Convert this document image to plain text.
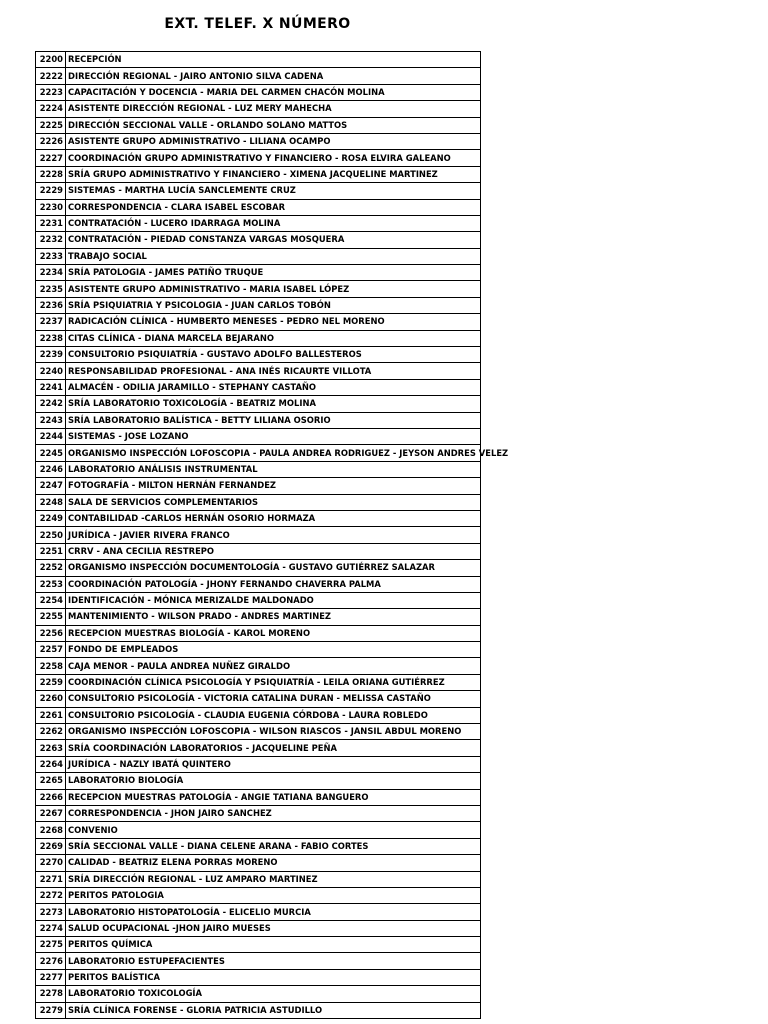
EXT. TELEF. X NÚMERO
2200	RECEPCIÓN
2222	DIRECCIÓN REGIONAL - JAIRO ANTONIO SILVA CADENA
2223	CAPACITACIÓN Y DOCENCIA - MARIA DEL CARMEN CHACÓN MOLINA
2224	ASISTENTE DIRECCIÓN REGIONAL - LUZ MERY MAHECHA
2225	DIRECCIÓN SECCIONAL VALLE - ORLANDO SOLANO MATTOS
2226	ASISTENTE GRUPO ADMINISTRATIVO - LILIANA OCAMPO
2227	COORDINACIÓN GRUPO ADMINISTRATIVO Y FINANCIERO - ROSA ELVIRA GALEANO
2228	SRÍA GRUPO ADMINISTRATIVO Y FINANCIERO - XIMENA JACQUELINE MARTINEZ
2229	SISTEMAS - MARTHA LUCÍA SANCLEMENTE CRUZ
2230	CORRESPONDENCIA - CLARA ISABEL ESCOBAR
2231	CONTRATACIÓN - LUCERO IDARRAGA MOLINA
2232	CONTRATACIÓN - PIEDAD CONSTANZA VARGAS MOSQUERA
2233	TRABAJO SOCIAL
2234	SRÍA PATOLOGIA - JAMES PATIÑO TRUQUE
2235	ASISTENTE GRUPO ADMINISTRATIVO - MARIA ISABEL LÓPEZ
2236	SRÍA PSIQUIATRIA Y PSICOLOGIA - JUAN CARLOS TOBÓN
2237	RADICACIÓN CLÍNICA - HUMBERTO MENESES - PEDRO NEL MORENO
2238	CITAS CLÍNICA - DIANA MARCELA BEJARANO
2239	CONSULTORIO PSIQUIATRÍA - GUSTAVO ADOLFO BALLESTEROS
2240	RESPONSABILIDAD PROFESIONAL - ANA INÉS RICAURTE VILLOTA
2241	ALMACÉN - ODILIA JARAMILLO - STEPHANY CASTAÑO
2242	SRÍA LABORATORIO TOXICOLOGÍA - BEATRIZ MOLINA
2243	SRÍA LABORATORIO BALÍSTICA - BETTY LILIANA OSORIO
2244	SISTEMAS - JOSE LOZANO
2245	ORGANISMO INSPECCIÓN LOFOSCOPIA - PAULA ANDREA RODRIGUEZ - JEYSON ANDRES VELEZ
2246	LABORATORIO ANÁLISIS INSTRUMENTAL
2247	FOTOGRAFÍA - MILTON HERNÁN FERNANDEZ
2248	SALA DE SERVICIOS COMPLEMENTARIOS
2249	CONTABILIDAD -CARLOS HERNÁN OSORIO HORMAZA
2250	JURÍDICA - JAVIER RIVERA FRANCO
2251	CRRV - ANA CECILIA RESTREPO
2252	ORGANISMO INSPECCIÓN DOCUMENTOLOGÍA - GUSTAVO GUTIÉRREZ SALAZAR
2253	COORDINACIÓN PATOLOGÍA - JHONY FERNANDO CHAVERRA PALMA
2254	IDENTIFICACIÓN - MÓNICA MERIZALDE MALDONADO
2255	MANTENIMIENTO - WILSON PRADO - ANDRES MARTINEZ
2256	RECEPCION MUESTRAS BIOLOGÍA - KAROL MORENO
2257	FONDO DE EMPLEADOS
2258	CAJA MENOR - PAULA ANDREA NUÑEZ GIRALDO
2259	COORDINACIÓN CLÍNICA PSICOLOGÍA Y PSIQUIATRÍA - LEILA ORIANA GUTIÉRREZ
2260	CONSULTORIO PSICOLOGÍA - VICTORIA CATALINA DURAN - MELISSA CASTAÑO
2261	CONSULTORIO PSICOLOGÍA - CLAUDIA EUGENIA CÓRDOBA - LAURA ROBLEDO
2262	ORGANISMO INSPECCIÓN LOFOSCOPIA - WILSON RIASCOS - JANSIL ABDUL MORENO
2263	SRÍA COORDINACIÓN LABORATORIOS - JACQUELINE PEÑA
2264	JURÍDICA - NAZLY IBATÁ QUINTERO
2265	LABORATORIO BIOLOGÍA
2266	RECEPCION MUESTRAS PATOLOGÍA - ANGIE TATIANA BANGUERO
2267	CORRESPONDENCIA - JHON JAIRO SANCHEZ
2268	CONVENIO
2269	SRÍA SECCIONAL VALLE - DIANA CELENE ARANA - FABIO CORTES
2270	CALIDAD - BEATRIZ ELENA PORRAS MORENO
2271	SRÍA DIRECCIÓN REGIONAL - LUZ AMPARO MARTINEZ
2272	PERITOS PATOLOGIA
2273	LABORATORIO HISTOPATOLOGÍA - ELICELIO MURCIA
2274	SALUD OCUPACIONAL -JHON JAIRO MUESES
2275	PERITOS QUÍMICA
2276	LABORATORIO ESTUPEFACIENTES
2277	PERITOS BALÍSTICA
2278	LABORATORIO TOXICOLOGÍA
2279	SRÍA CLÍNICA FORENSE - GLORIA PATRICIA ASTUDILLO
